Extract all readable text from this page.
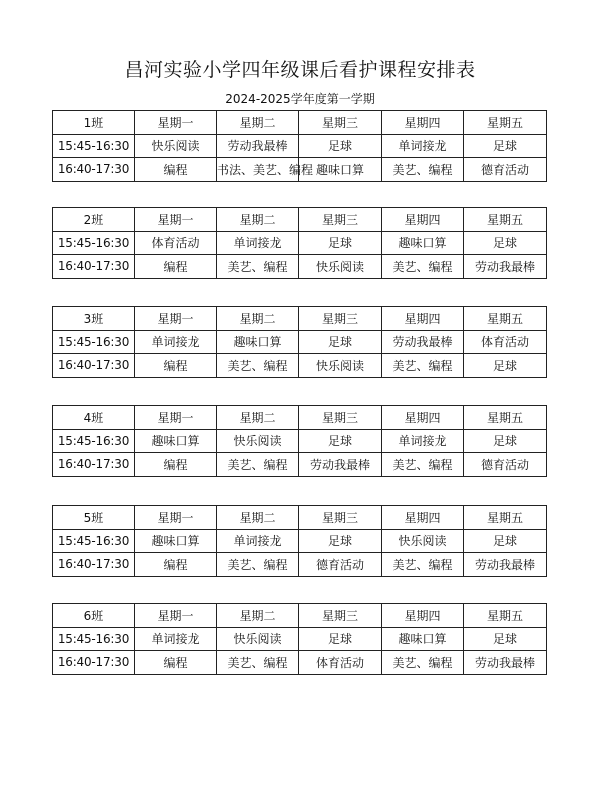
昌河实验小学四年级课后看护课程安排表
2024-2025学年度第一学期
1班	星期一	星期二	星期三	星期四	星期五
15:45-16:30	快乐阅读	劳动我最棒	足球	单词接龙	足球
16:40-17:30	编程	书法、美艺、编程	趣味口算	美艺、编程	德育活动
2班	星期一	星期二	星期三	星期四	星期五
15:45-16:30	体育活动	单词接龙	足球	趣味口算	足球
16:40-17:30	编程	美艺、编程	快乐阅读	美艺、编程	劳动我最棒
3班	星期一	星期二	星期三	星期四	星期五
15:45-16:30	单词接龙	趣味口算	足球	劳动我最棒	体育活动
16:40-17:30	编程	美艺、编程	快乐阅读	美艺、编程	足球
4班	星期一	星期二	星期三	星期四	星期五
15:45-16:30	趣味口算	快乐阅读	足球	单词接龙	足球
16:40-17:30	编程	美艺、编程	劳动我最棒	美艺、编程	德育活动
5班	星期一	星期二	星期三	星期四	星期五
15:45-16:30	趣味口算	单词接龙	足球	快乐阅读	足球
16:40-17:30	编程	美艺、编程	德育活动	美艺、编程	劳动我最棒
6班	星期一	星期二	星期三	星期四	星期五
15:45-16:30	单词接龙	快乐阅读	足球	趣味口算	足球
16:40-17:30	编程	美艺、编程	体育活动	美艺、编程	劳动我最棒
